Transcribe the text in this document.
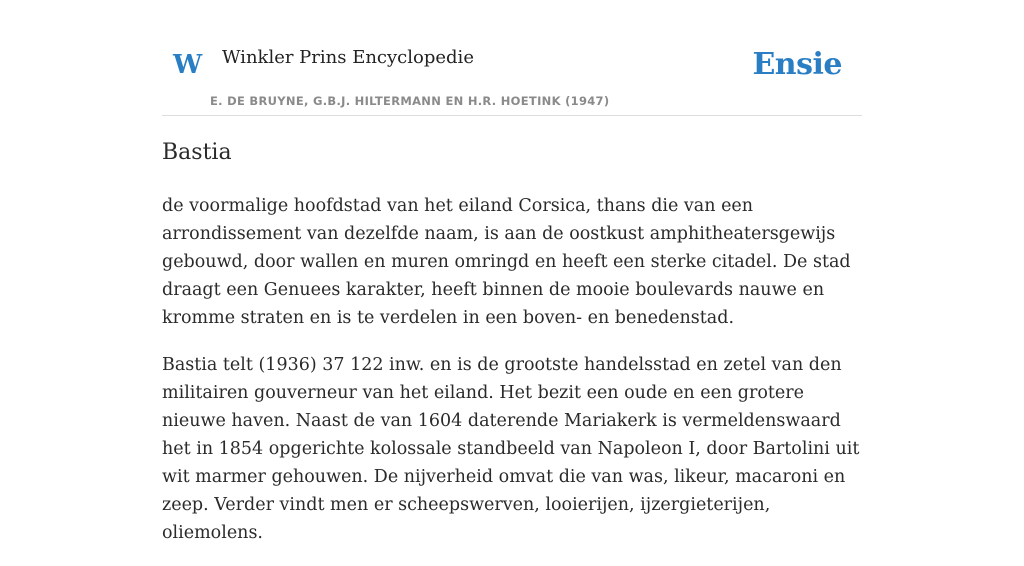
W Winkler Prins Encyclopedie
E. DE BRUYNE, G.B.J. HILTERMANN EN H.R. HOETINK (1947)
Ensie
Bastia

de voormalige hoofdstad van het eiland Corsica, thans die van een arrondissement van dezelfde naam, is aan de oostkust amphitheatersgewijs gebouwd, door wallen en muren omringd en heeft een sterke citadel. De stad draagt een Genuees karakter, heeft binnen de mooie boulevards nauwe en kromme straten en is te verdelen in een boven- en benedenstad.

Bastia telt (1936) 37 122 inw. en is de grootste handelsstad en zetel van den militairen gouverneur van het eiland. Het bezit een oude en een grotere nieuwe haven. Naast de van 1604 daterende Mariakerk is vermeldenswaard het in 1854 opgerichte kolossale standbeeld van Napoleon I, door Bartolini uit wit marmer gehouwen. De nijverheid omvat die van was, likeur, macaroni en zeep. Verder vindt men er scheepswerven, looierijen, ijzergieterijen, oliemolens.
